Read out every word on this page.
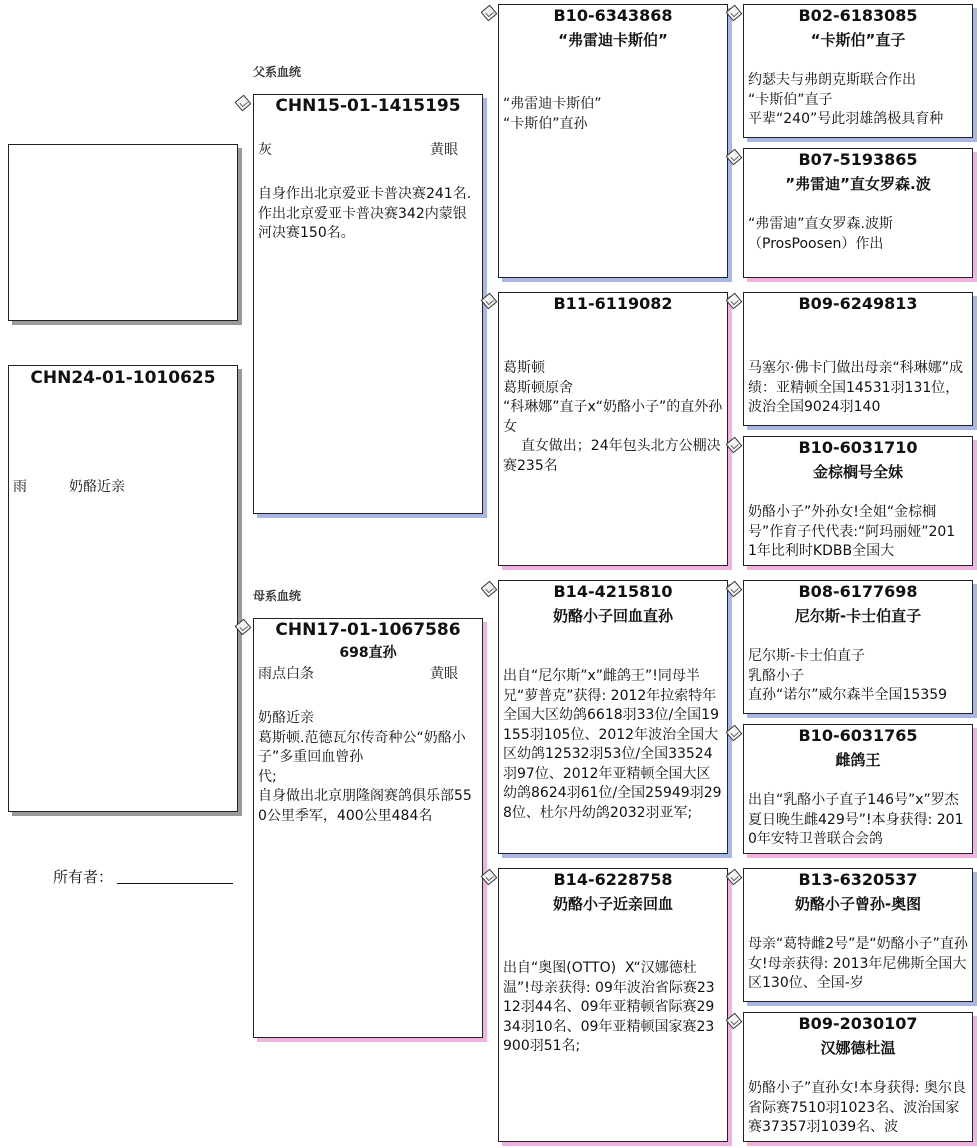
CHN24-01-1010625
雨	奶酪近亲
所有者：
父系血统
母系血统
CHN15-01-1415195
灰	黄眼
自身作出北京爱亚卡普决赛241名.作出北京爱亚卡普决赛342内蒙银河决赛150名。
CHN17-01-1067586
698直孙
雨点白条	黄眼
奶酪近亲
葛斯顿.范德瓦尔传奇种公“奶酪小子”多重回血曾孙
代;
自身做出北京朋隆阁赛鸽俱乐部550公里季军，400公里484名
B10-6343868
“弗雷迪卡斯伯”
“弗雷迪卡斯伯”
“卡斯伯”直孙
B11-6119082
葛斯顿
葛斯顿原舍
“科琳娜”直子x“奶酪小子”的直外孙女
直女做出；24年包头北方公棚决赛235名
B14-4215810
奶酪小子回血直孙
出自“尼尔斯”x”雌鸽王”!同母半兄“萝普克”获得: 2012年拉索特年全国大区幼鸽6618羽33位/全国19155羽105位、2012年波治全国大区幼鸽12532羽53位/全国33524羽97位、2012年亚精顿全国大区幼鸽8624羽61位/全国25949羽298位、杜尔丹幼鸽2032羽亚军;
B14-6228758
奶酪小子近亲回血
出自“奥图(OTTO)  X“汉娜德杜温”!母亲获得: 09年波治省际赛2312羽44名、09年亚精顿省际赛2934羽10名、09年亚精顿国家赛23900羽51名;
B02-6183085
“卡斯伯”直子
约瑟夫与弗朗克斯联合作出
“卡斯伯”直子
平辈“240”号此羽雄鸽极具育种
B07-5193865
”弗雷迪”直女罗森.波
“弗雷迪”直女罗森.波斯
（ProsPoosen）作出
B09-6249813
马塞尔·佛卡门做出母亲“科琳娜”成绩：亚精顿全国14531羽131位，波治全国9024羽140
B10-6031710
金棕榈号全妹
奶酪小子”外孙女!全姐“金棕榈号”作育子代代表:“阿玛丽娅”201 1年比利时KDBB全国大
B08-6177698
尼尔斯-卡士伯直子
尼尔斯-卡士伯直子
乳酪小子
直孙“诺尔”威尔森半全国15359
B10-6031765
雌鸽王
出自“乳酪小子直子146号”x”罗杰夏日晚生雌429号”!本身获得: 2010年安特卫普联合会鸽
B13-6320537
奶酪小子曾孙-奥图
母亲“葛特雌2号”是“奶酪小子”直孙女!母亲获得: 2013年尼佛斯全国大区130位、全国-岁
B09-2030107
汉娜德杜温
奶酪小子”直孙女!本身获得: 奥尔良省际赛7510羽1023名、波治国家赛37357羽1039名、波
